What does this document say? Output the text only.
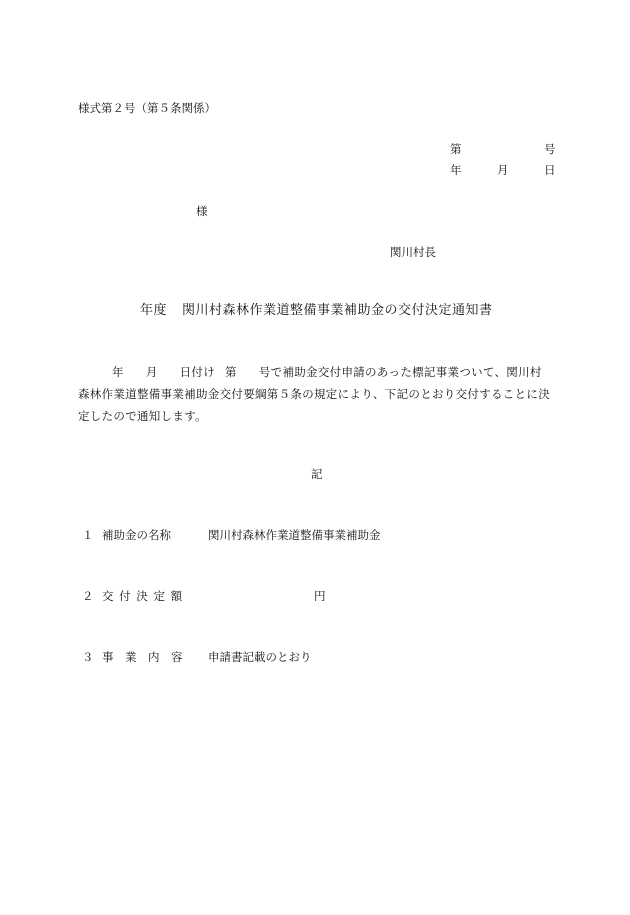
様式第２号（第５条関係）
第	号
年	月	日
様
関川村長
年度 関川村森林作業道整備事業補助金の交付決定通知書
年 月 日付け 第 号で補助金交付申請のあった標記事業ついて、関川村森林作業道整備事業補助金交付要綱第５条の規定により、下記のとおり交付することに決定したので通知します。
記
１ 補助金の名称	関川村森林作業道整備事業補助金
２ 交 付 決 定 額	円
３ 事　業　内　容 申請書記載のとおり
